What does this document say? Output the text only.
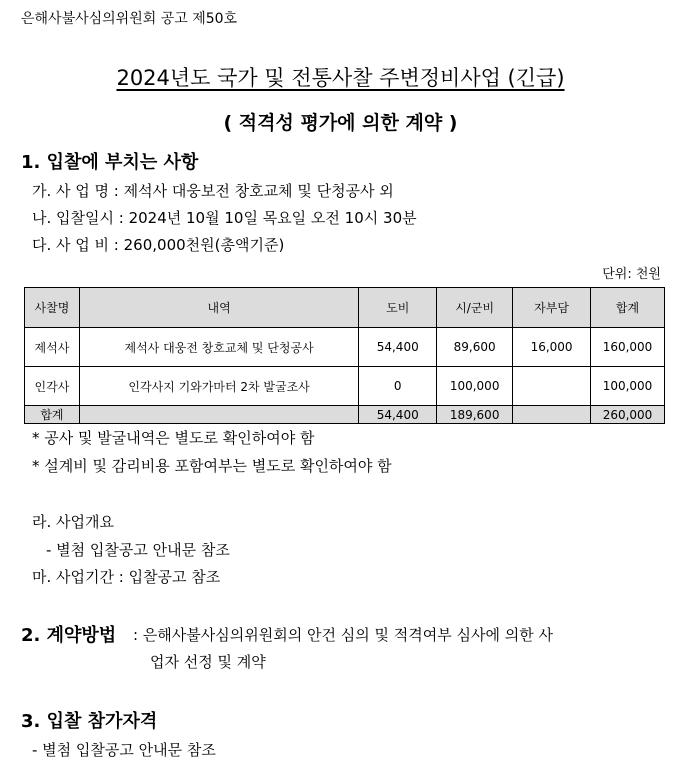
은해사불사심의위원회 공고 제50호
2024년도 국가 및 전통사찰 주변정비사업 (긴급)
( 적격성 평가에 의한 계약 )
1. 입찰에 부치는 사항
가. 사 업 명 : 제석사 대웅보전 창호교체 및 단청공사 외
나. 입찰일시 : 2024년 10월 10일 목요일 오전 10시 30분
다. 사 업 비 : 260,000천원(총액기준)
단위: 천원
사찰명	내역	도비	시/군비	자부담	합계
제석사	제석사 대웅전 창호교체 및 단청공사	54,400	89,600	16,000	160,000
인각사	인각사지 기와가마터 2차 발굴조사	0	100,000		100,000
합계		54,400	189,600		260,000
* 공사 및 발굴내역은 별도로 확인하여야 함
* 설계비 및 감리비용 포함여부는 별도로 확인하여야 함
라. 사업개요
- 별첨 입찰공고 안내문 참조
마. 사업기간 : 입찰공고 참조
2. 계약방법 : 은해사불사심의위원회의 안건 심의 및 적격여부 심사에 의한 사
업자 선정 및 계약
3. 입찰 참가자격
- 별첨 입찰공고 안내문 참조
